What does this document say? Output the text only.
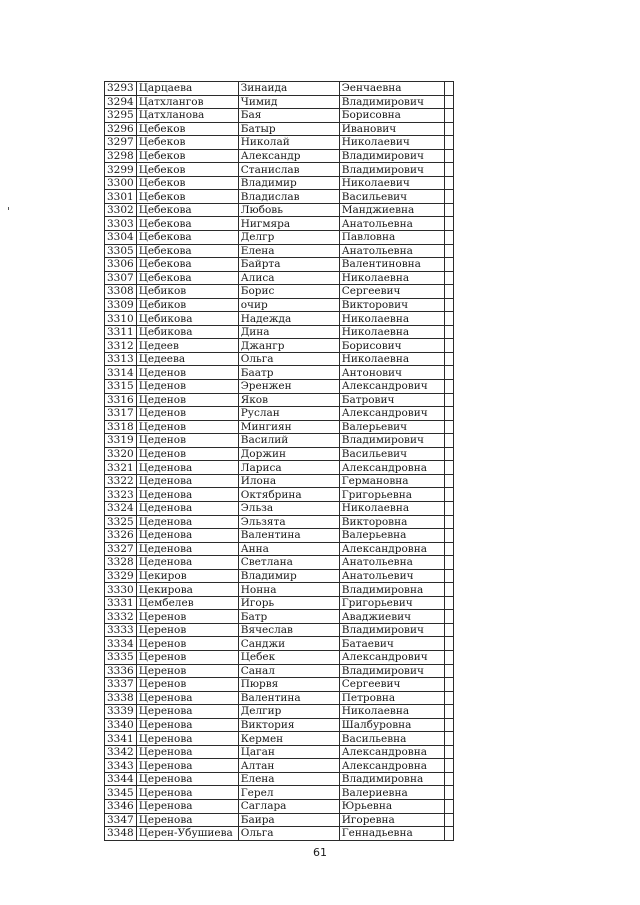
3293	Царцаева	Зинаида	Эенчаевна	
3294	Цатхлангов	Чимид	Владимирович	
3295	Цатхланова	Бая	Борисовна	
3296	Цебеков	Батыр	Иванович	
3297	Цебеков	Николай	Николаевич	
3298	Цебеков	Александр	Владимирович	
3299	Цебеков	Станислав	Владимирович	
3300	Цебеков	Владимир	Николаевич	
3301	Цебеков	Владислав	Васильевич	
3302	Цебекова	Любовь	Манджиевна	
3303	Цебекова	Нигмяра	Анатольевна	
3304	Цебекова	Делгр	Павловна	
3305	Цебекова	Елена	Анатольевна	
3306	Цебекова	Байрта	Валентиновна	
3307	Цебекова	Алиса	Николаевна	
3308	Цебиков	Борис	Сергеевич	
3309	Цебиков	очир	Викторович	
3310	Цебикова	Надежда	Николаевна	
3311	Цебикова	Дина	Николаевна	
3312	Цедеев	Джангр	Борисович	
3313	Цедеева	Ольга	Николаевна	
3314	Цеденов	Баатр	Антонович	
3315	Цеденов	Эренжен	Александрович	
3316	Цеденов	Яков	Батрович	
3317	Цеденов	Руслан	Александрович	
3318	Цеденов	Мингиян	Валерьевич	
3319	Цеденов	Василий	Владимирович	
3320	Цеденов	Доржин	Васильевич	
3321	Цеденова	Лариса	Александровна	
3322	Цеденова	Илона	Германовна	
3323	Цеденова	Октябрина	Григорьевна	
3324	Цеденова	Эльза	Николаевна	
3325	Цеденова	Эльзята	Викторовна	
3326	Цеденова	Валентина	Валерьевна	
3327	Цеденова	Анна	Александровна	
3328	Цеденова	Светлана	Анатольевна	
3329	Цекиров	Владимир	Анатольевич	
3330	Цекирова	Нонна	Владимировна	
3331	Цембелев	Игорь	Григорьевич	
3332	Церенов	Батр	Аваджиевич	
3333	Церенов	Вячеслав	Владимирович	
3334	Церенов	Санджи	Батаевич	
3335	Церенов	Цебек	Александрович	
3336	Церенов	Санал	Владимирович	
3337	Церенов	Пюрвя	Сергеевич	
3338	Церенова	Валентина	Петровна	
3339	Церенова	Делгир	Николаевна	
3340	Церенова	Виктория	Шалбуровна	
3341	Церенова	Кермен	Васильевна	
3342	Церенова	Цаган	Александровна	
3343	Церенова	Алтан	Александровна	
3344	Церенова	Елена	Владимировна	
3345	Церенова	Герел	Валериевна	
3346	Церенова	Саглара	Юрьевна	
3347	Церенова	Баира	Игоревна	
3348	Церен-Убушиева	Ольга	Геннадьевна	
61
